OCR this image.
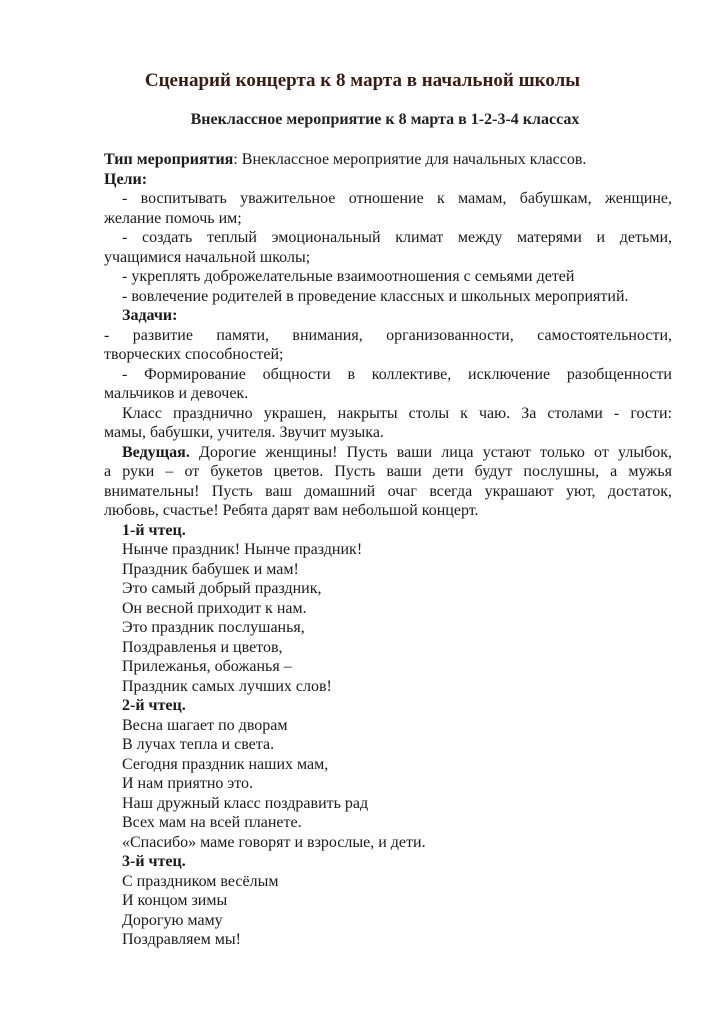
Сценарий концерта к 8 марта в начальной школы
Внеклассное мероприятие к 8 марта в 1-2-3-4 классах

Тип мероприятия: Внеклассное мероприятие для начальных классов.

Цели:

- воспитывать уважительное отношение к мамам, бабушкам, женщине,

желание помочь им;

- создать теплый эмоциональный климат между матерями и детьми,

учащимися начальной школы;

- укреплять доброжелательные взаимоотношения с семьями детей

- вовлечение родителей в проведение классных и школьных мероприятий.

Задачи:

- развитие памяти, внимания, организованности, самостоятельности,

творческих способностей;

- Формирование общности в коллективе, исключение разобщенности

мальчиков и девочек.

Класс празднично украшен, накрыты столы к чаю. За столами - гости:

мамы, бабушки, учителя. Звучит музыка.

Ведущая. Дорогие женщины! Пусть ваши лица устают только от улыбок,

а руки – от букетов цветов. Пусть ваши дети будут послушны, а мужья

внимательны! Пусть ваш домашний очаг всегда украшают уют, достаток,

любовь, счастье! Ребята дарят вам небольшой концерт.

1-й чтец.

Нынче праздник! Нынче праздник!

Праздник бабушек и мам!

Это самый добрый праздник,

Он весной приходит к нам.

Это праздник послушанья,

Поздравленья и цветов,

Прилежанья, обожанья –

Праздник самых лучших слов!

2-й чтец.

Весна шагает по дворам

В лучах тепла и света.

Сегодня праздник наших мам,

И нам приятно это.

Наш дружный класс поздравить рад

Всех мам на всей планете.

«Спасибо» маме говорят и взрослые, и дети.

3-й чтец.

С праздником весёлым

И концом зимы

Дорогую маму

Поздравляем мы!
